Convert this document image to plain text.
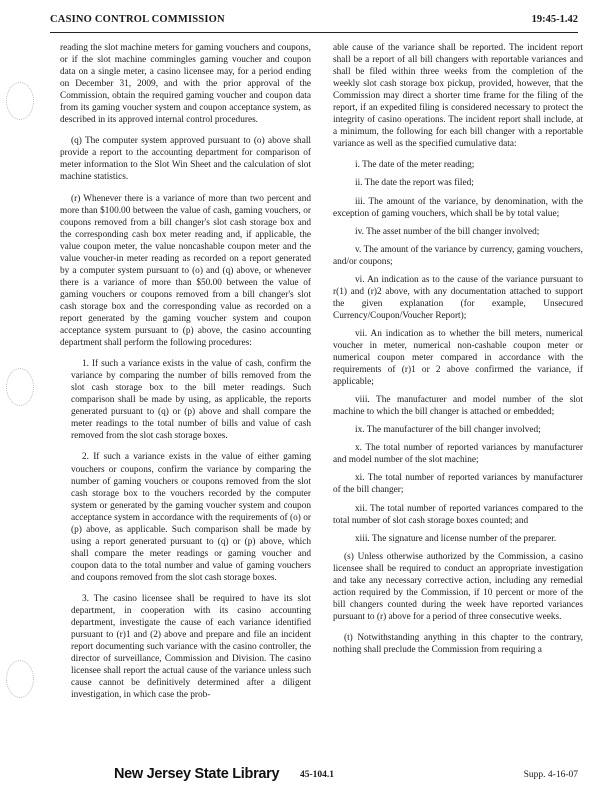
CASINO CONTROL COMMISSION	19:45-1.42

reading the slot machine meters for gaming vouchers and coupons, or if the slot machine commingles gaming voucher and coupon data on a single meter, a casino licensee may, for a period ending on December 31, 2009, and with the prior approval of the Commission, obtain the required gaming voucher and coupon data from its gaming voucher system and coupon acceptance system, as described in its approved internal control procedures.

(q) The computer system approved pursuant to (o) above shall provide a report to the accounting department for comparison of meter information to the Slot Win Sheet and the calculation of slot machine statistics.

(r) Whenever there is a variance of more than two percent and more than $100.00 between the value of cash, gaming vouchers, or coupons removed from a bill changer's slot cash storage box and the corresponding cash box meter reading and, if applicable, the value coupon meter, the value noncashable coupon meter and the value voucher-in meter reading as recorded on a report generated by a computer system pursuant to (o) and (q) above, or whenever there is a variance of more than $50.00 between the value of gaming vouchers or coupons removed from a bill changer's slot cash storage box and the corresponding value as recorded on a report generated by the gaming voucher system and coupon acceptance system pursuant to (p) above, the casino accounting department shall perform the following procedures:

1. If such a variance exists in the value of cash, confirm the variance by comparing the number of bills removed from the slot cash storage box to the bill meter readings. Such comparison shall be made by using, as applicable, the reports generated pursuant to (q) or (p) above and shall compare the meter readings to the total number of bills and value of cash removed from the slot cash storage boxes.

2. If such a variance exists in the value of either gaming vouchers or coupons, confirm the variance by comparing the number of gaming vouchers or coupons removed from the slot cash storage box to the vouchers recorded by the computer system or generated by the gaming voucher system and coupon acceptance system in accordance with the requirements of (o) or (p) above, as applicable. Such comparison shall be made by using a report generated pursuant to (q) or (p) above, which shall compare the meter readings or gaming voucher and coupon data to the total number and value of gaming vouchers and coupons removed from the slot cash storage boxes.

3. The casino licensee shall be required to have its slot department, in cooperation with its casino accounting department, investigate the cause of each variance identified pursuant to (r)1 and (2) above and prepare and file an incident report documenting such variance with the casino controller, the director of surveillance, Commission and Division. The casino licensee shall report the actual cause of the variance unless such cause cannot be definitively determined after a diligent investigation, in which case the prob-

able cause of the variance shall be reported. The incident report shall be a report of all bill changers with reportable variances and shall be filed within three weeks from the completion of the weekly slot cash storage box pickup, provided, however, that the Commission may direct a shorter time frame for the filing of the report, if an expedited filing is considered necessary to protect the integrity of casino operations. The incident report shall include, at a minimum, the following for each bill changer with a reportable variance as well as the specified cumulative data:

i. The date of the meter reading;

ii. The date the report was filed;

iii. The amount of the variance, by denomination, with the exception of gaming vouchers, which shall be by total value;

iv. The asset number of the bill changer involved;

v. The amount of the variance by currency, gaming vouchers, and/or coupons;

vi. An indication as to the cause of the variance pursuant to r(1) and (r)2 above, with any documentation attached to support the given explanation (for example, Unsecured Currency/Coupon/Voucher Report);

vii. An indication as to whether the bill meters, numerical voucher in meter, numerical non-cashable coupon meter or numerical coupon meter compared in accordance with the requirements of (r)1 or 2 above confirmed the variance, if applicable;

viii. The manufacturer and model number of the slot machine to which the bill changer is attached or embedded;

ix. The manufacturer of the bill changer involved;

x. The total number of reported variances by manufacturer and model number of the slot machine;

xi. The total number of reported variances by manufacturer of the bill changer;

xii. The total number of reported variances compared to the total number of slot cash storage boxes counted; and

xiii. The signature and license number of the preparer.

(s) Unless otherwise authorized by the Commission, a casino licensee shall be required to conduct an appropriate investigation and take any necessary corrective action, including any remedial action required by the Commission, if 10 percent or more of the bill changers counted during the week have reported variances pursuant to (r) above for a period of three consecutive weeks.

(t) Notwithstanding anything in this chapter to the contrary, nothing shall preclude the Commission from requiring a

New Jersey State Library 45-104.1	Supp. 4-16-07
